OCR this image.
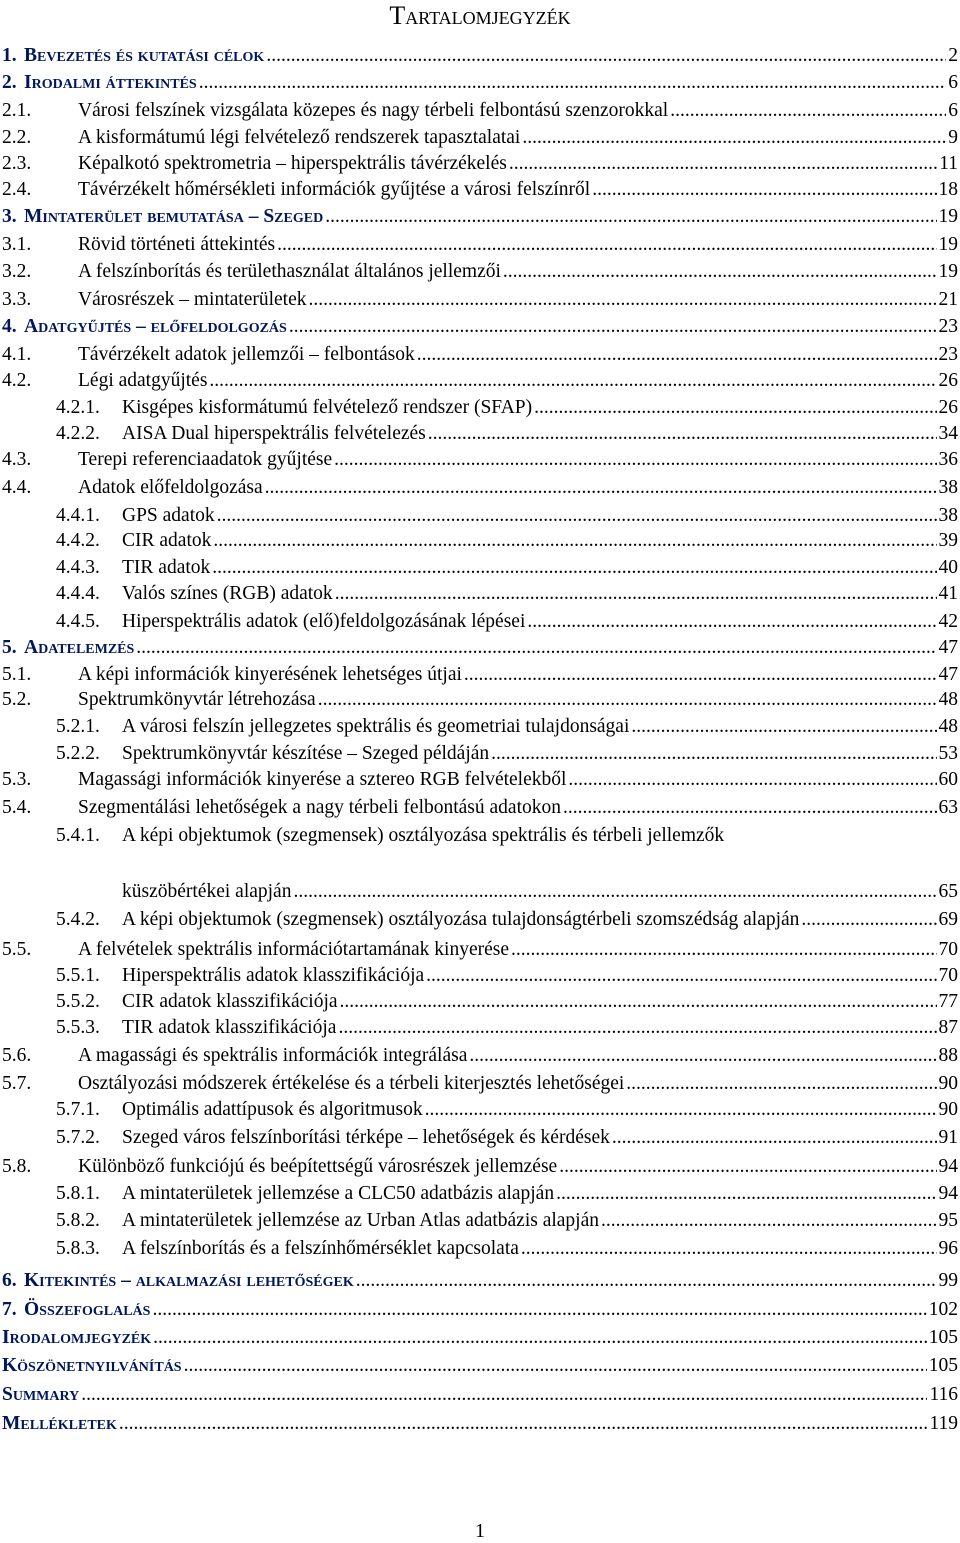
Tartalomjegyzék
1. Bevezetés és kutatási célok .....	2
2. Irodalmi áttekintés .....	6
2.1.	Városi felszínek vizsgálata közepes és nagy térbeli felbontású szenzorokkal .....	6
2.2.	A kisformátumú légi felvételező rendszerek tapasztalatai .....	9
2.3.	Képalkotó spektrometria – hiperspektrális távérzékelés .....	11
2.4.	Távérzékelt hőmérsékleti információk gyűjtése a városi felszínről .....	18
3. Mintaterület bemutatása – Szeged .....	19
3.1.	Rövid történeti áttekintés .....	19
3.2.	A felszínborítás és területhasználat általános jellemzői .....	19
3.3.	Városrészek – mintaterületek .....	21
4. Adatgyűjtés – előfeldolgozás .....	23
4.1.	Távérzékelt adatok jellemzői – felbontások .....	23
4.2.	Légi adatgyűjtés .....	26
4.2.1.	Kisgépes kisformátumú felvételező rendszer (SFAP) .....	26
4.2.2.	AISA Dual hiperspektrális felvételezés .....	34
4.3.	Terepi referenciaadatok gyűjtése .....	36
4.4.	Adatok előfeldolgozása .....	38
4.4.1.	GPS adatok .....	38
4.4.2.	CIR adatok .....	39
4.4.3.	TIR adatok .....	40
4.4.4.	Valós színes (RGB) adatok .....	41
4.4.5.	Hiperspektrális adatok (elő)feldolgozásának lépései .....	42
5. Adatelemzés .....	47
5.1.	A képi információk kinyerésének lehetséges útjai .....	47
5.2.	Spektrumkönyvtár létrehozása .....	48
5.2.1.	A városi felszín jellegzetes spektrális és geometriai tulajdonságai .....	48
5.2.2.	Spektrumkönyvtár készítése – Szeged példáján .....	53
5.3.	Magassági információk kinyerése a sztereo RGB felvételekből .....	60
5.4.	Szegmentálási lehetőségek a nagy térbeli felbontású adatokon .....	63
5.4.1.	A képi objektumok (szegmensek) osztályozása spektrális és térbeli jellemzők
küszöbértékei alapján .....	65
5.4.2.	A képi objektumok (szegmensek) osztályozása tulajdonságtérbeli szomszédság alapján .....	69
5.5.	A felvételek spektrális információtartamának kinyerése .....	70
5.5.1.	Hiperspektrális adatok klasszifikációja .....	70
5.5.2.	CIR adatok klasszifikációja .....	77
5.5.3.	TIR adatok klasszifikációja .....	87
5.6.	A magassági és spektrális információk integrálása .....	88
5.7.	Osztályozási módszerek értékelése és a térbeli kiterjesztés lehetőségei .....	90
5.7.1.	Optimális adattípusok és algoritmusok .....	90
5.7.2.	Szeged város felszínborítási térképe – lehetőségek és kérdések .....	91
5.8.	Különböző funkciójú és beépítettségű városrészek jellemzése .....	94
5.8.1.	A mintaterületek jellemzése a CLC50 adatbázis alapján .....	94
5.8.2.	A mintaterületek jellemzése az Urban Atlas adatbázis alapján .....	95
5.8.3.	A felszínborítás és a felszínhőmérséklet kapcsolata .....	96
6. Kitekintés – alkalmazási lehetőségek .....	99
7. Összefoglalás .....	102
Irodalomjegyzék .....	105
Köszönetnyilvánítás .....	105
Summary .....	116
Mellékletek .....	119
1
